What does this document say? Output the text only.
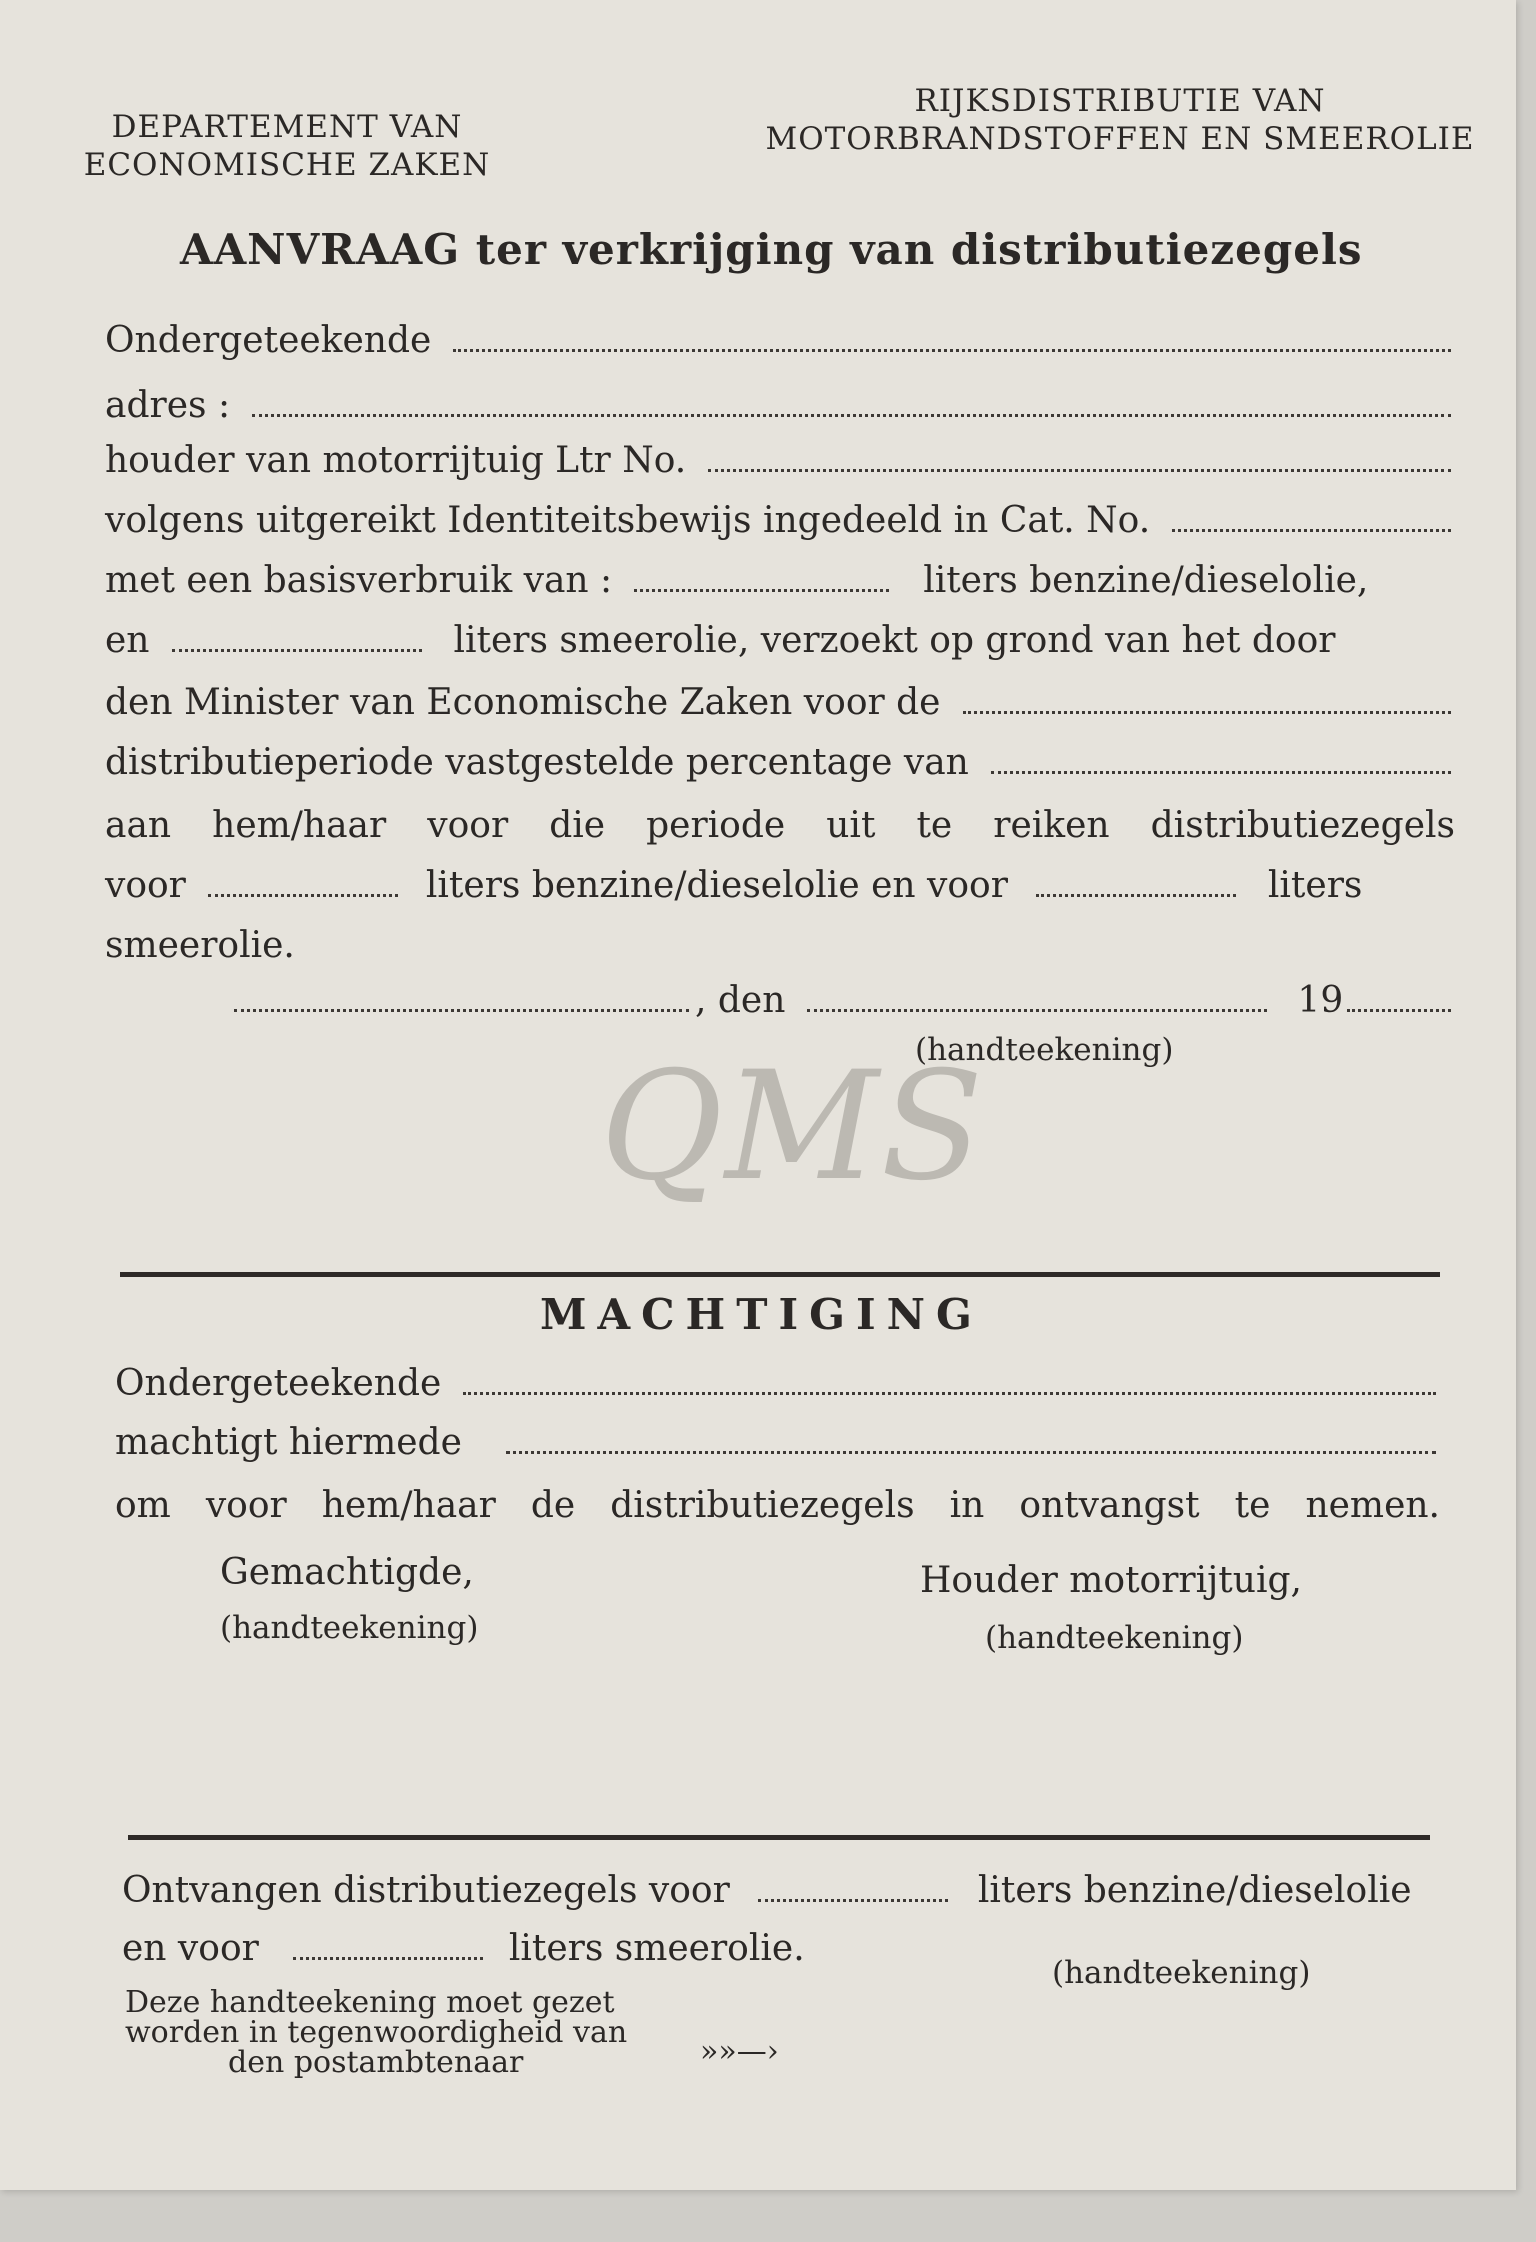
DEPARTEMENT VAN
ECONOMISCHE ZAKEN
RIJKSDISTRIBUTIE VAN
MOTORBRANDSTOFFEN EN SMEEROLIE
AANVRAAG ter verkrijging van distributiezegels
Ondergeteekende
adres :
houder van motorrijtuig Ltr No.
volgens uitgereikt Identiteitsbewijs ingedeeld in Cat. No.
met een basisverbruik van :	liters benzine/dieselolie,
en	liters smeerolie, verzoekt op grond van het door
den Minister van Economische Zaken voor de
distributieperiode vastgestelde percentage van
aan hem/haar voor die periode uit te reiken distributiezegels
voor	liters benzine/dieselolie en voor	liters
smeerolie.
, den	19
(handteekening)
QMS
MACHTIGING
Ondergeteekende
machtigt hiermede
om voor hem/haar de distributiezegels in ontvangst te nemen.
Gemachtigde,
(handteekening)
Houder motorrijtuig,
(handteekening)
Ontvangen distributiezegels voor	liters benzine/dieselolie
en voor	liters smeerolie.
(handteekening)
Deze handteekening moet gezet
worden in tegenwoordigheid van
den postambtenaar	»»—›
